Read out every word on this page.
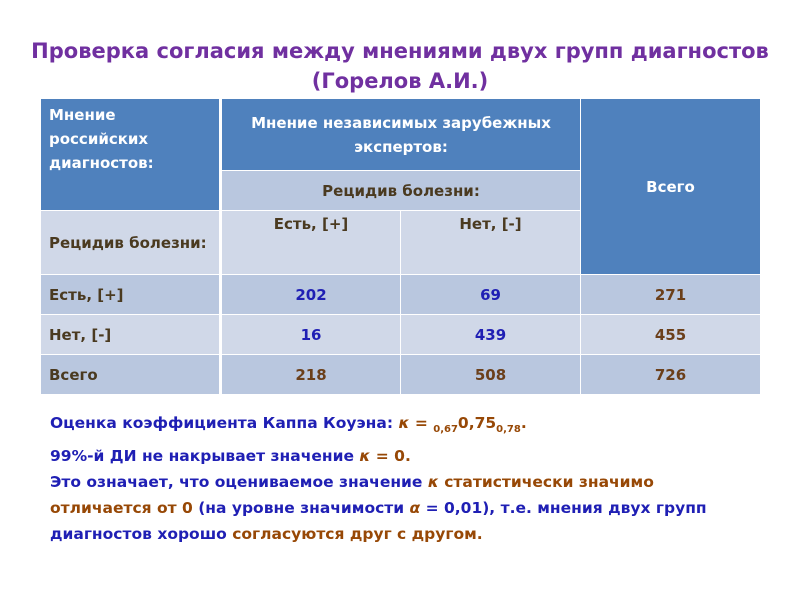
Проверка согласия между мнениями двух групп диагностов
(Горелов А.И.)
Мнение российских диагностов:	Мнение независимых зарубежных экспертов:		Всего
	Рецидив болезни:		
Рецидив болезни:	Есть, [+]	Нет, [-]	
Есть, [+]	202	69	271
Нет, [-]	16	439	455
Всего	218	508	726
Оценка коэффициента Каппа Коуэна: $\kappa = _{0,67}0,75_{0,78}$.
99%-й ДИ не накрывает значение κ = 0.
Это означает, что оцениваемое значение κ статистически значимо
отличается от 0 (на уровне значимости α = 0,01), т.е. мнения двух групп
диагностов хорошо согласуются друг с другом.
